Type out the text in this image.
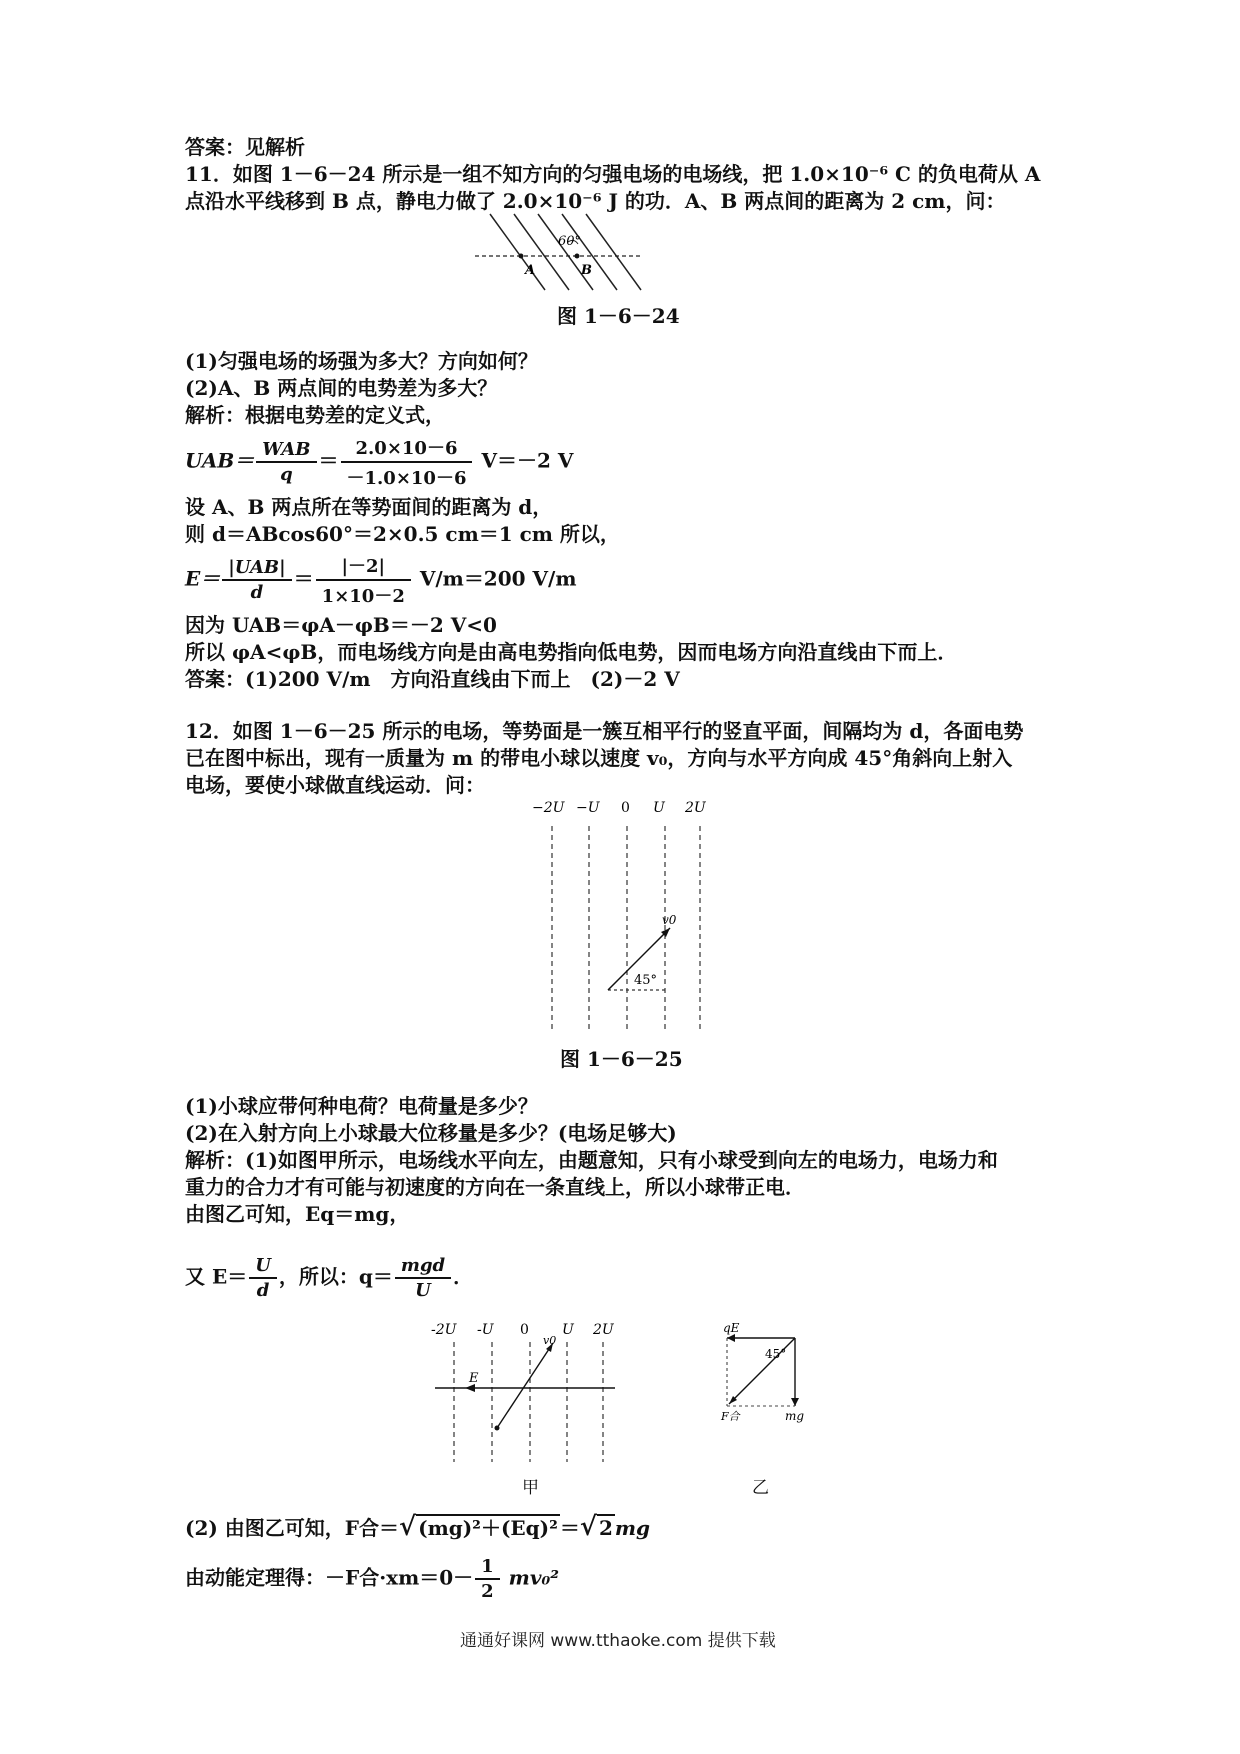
答案：见解析
11．如图 1－6－24 所示是一组不知方向的匀强电场的电场线，把 1.0×10⁻⁶ C 的负电荷从 A
点沿水平线移到 B 点，静电力做了 2.0×10⁻⁶ J 的功．A、B 两点间的距离为 2 cm，问：
60°
A	B
图 1－6－24
(1)匀强电场的场强为多大？方向如何？
(2)A、B 两点间的电势差为多大？
解析：根据电势差的定义式，
$UAB= \frac{\text{WAB}}{q} = \frac{2.0\times 10-6}{-1.0\times 10-6} V=-2$ V
设 A、B 两点所在等势面间的距离为 d，
则 d＝ABcos60°＝2×0.5 cm＝1 cm 所以，
$E= \frac{\text{|UAB|}}{d} = \frac{|-2|}{1\times 10-2} V/m=200$ V/m
因为 UAB＝φA－φB＝－2 V<0
所以 φA<φB，而电场线方向是由高电势指向低电势，因而电场方向沿直线由下而上．
答案：(1)200 V/m　方向沿直线由下而上　(2)－2 V
12．如图 1－6－25 所示的电场，等势面是一簇互相平行的竖直平面，间隔均为 d，各面电势
已在图中标出，现有一质量为 m 的带电小球以速度 v₀，方向与水平方向成 45°角斜向上射入
电场，要使小球做直线运动．问：
−2U −U 0 U 2U
v0
45°
图 1－6－25
(1)小球应带何种电荷？电荷量是多少？
(2)在入射方向上小球最大位移量是多少？(电场足够大)
解析：(1)如图甲所示，电场线水平向左，由题意知，只有小球受到向左的电场力，电场力和
重力的合力才有可能与初速度的方向在一条直线上，所以小球带正电．
由图乙可知，Eq＝mg，
又 $E= \frac{U}{d}$ ，所以：$q= \frac{\text{mgd}}{U}$ ．
-2U -U 0 U 2U
E
v0
甲
qE
45°
F合	mg
乙
(2) 由图乙可知，F合＝√ (mg)²＋(Eq)² ＝√ 2 mg
由动能定理得：－F合$\cdot xm=0- \frac{1}{2} mv_0^2$
通通好课网 www.tthaoke.com 提供下载
